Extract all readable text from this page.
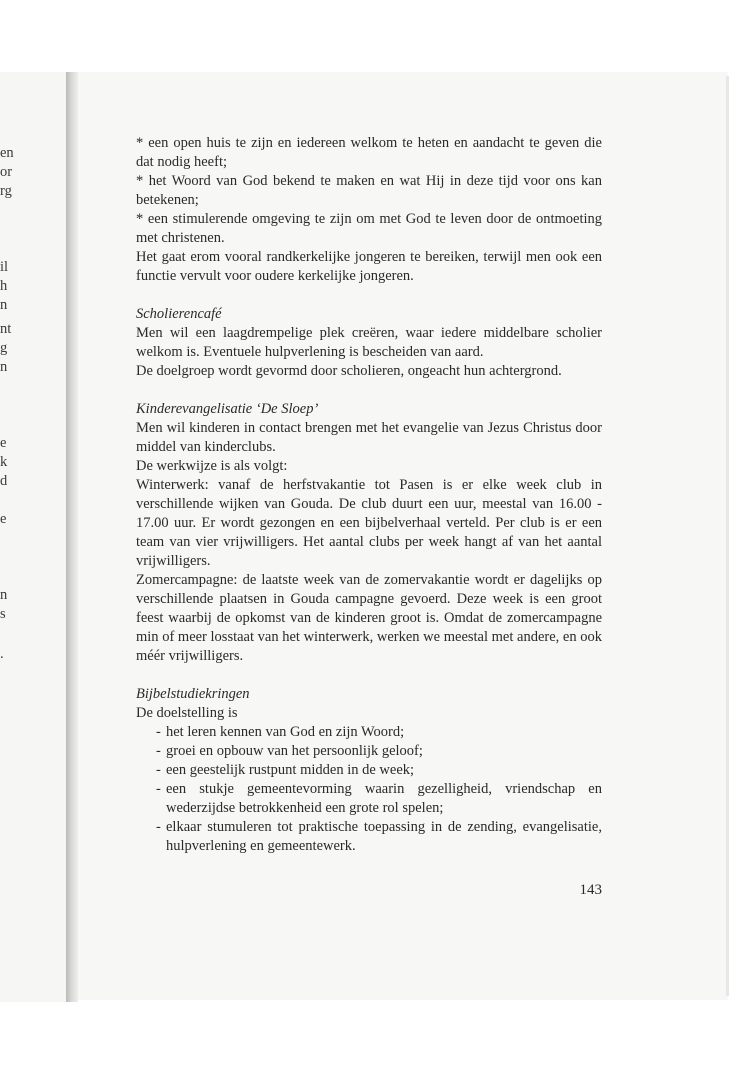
en
or
rg
il
h
n
nt
g
n
e
k
d
e
n
s
.

* een open huis te zijn en iedereen welkom te heten en aandacht te geven die dat nodig heeft;

* het Woord van God bekend te maken en wat Hij in deze tijd voor ons kan betekenen;

* een stimulerende omgeving te zijn om met God te leven door de ontmoeting met christenen.

Het gaat erom vooral randkerkelijke jongeren te bereiken, terwijl men ook een functie vervult voor oudere kerkelijke jongeren.

Scholierencafé

Men wil een laagdrempelige plek creëren, waar iedere middelbare scholier welkom is. Eventuele hulpverlening is bescheiden van aard.

De doelgroep wordt gevormd door scholieren, ongeacht hun achtergrond.

Kinderevangelisatie ‘De Sloep’

Men wil kinderen in contact brengen met het evangelie van Jezus Christus door middel van kinderclubs.

De werkwijze is als volgt:

Winterwerk: vanaf de herfstvakantie tot Pasen is er elke week club in verschillende wijken van Gouda. De club duurt een uur, meestal van 16.00 - 17.00 uur. Er wordt gezongen en een bijbelverhaal verteld. Per club is er een team van vier vrijwilligers. Het aantal clubs per week hangt af van het aantal vrijwilligers.

Zomercampagne: de laatste week van de zomervakantie wordt er dagelijks op verschillende plaatsen in Gouda campagne gevoerd. Deze week is een groot feest waarbij de opkomst van de kinderen groot is. Omdat de zomercampagne min of meer losstaat van het winterwerk, werken we meestal met andere, en ook méér vrijwilligers.

Bijbelstudiekringen

De doelstelling is

- het leren kennen van God en zijn Woord;
- groei en opbouw van het persoonlijk geloof;
- een geestelijk rustpunt midden in de week;
- een stukje gemeentevorming waarin gezelligheid, vriendschap en wederzijdse betrokkenheid een grote rol spelen;
- elkaar stumuleren tot praktische toepassing in de zending, evangelisatie, hulpverlening en gemeentewerk.
143
